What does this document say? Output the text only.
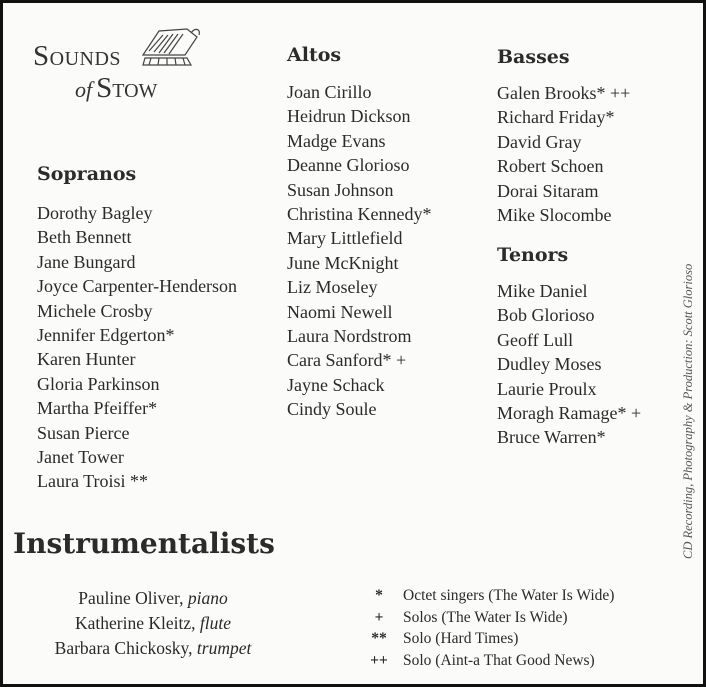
Sounds
of Stow
Sopranos
Dorothy Bagley
Beth Bennett
Jane Bungard
Joyce Carpenter-Henderson
Michele Crosby
Jennifer Edgerton*
Karen Hunter
Gloria Parkinson
Martha Pfeiffer*
Susan Pierce
Janet Tower
Laura Troisi **
Altos
Joan Cirillo
Heidrun Dickson
Madge Evans
Deanne Glorioso
Susan Johnson
Christina Kennedy*
Mary Littlefield
June McKnight
Liz Moseley
Naomi Newell
Laura Nordstrom
Cara Sanford* +
Jayne Schack
Cindy Soule
Basses
Galen Brooks* ++
Richard Friday*
David Gray
Robert Schoen
Dorai Sitaram
Mike Slocombe
Tenors
Mike Daniel
Bob Glorioso
Geoff Lull
Dudley Moses
Laurie Proulx
Moragh Ramage* +
Bruce Warren*
Instrumentalists
Pauline Oliver, piano
Katherine Kleitz, flute
Barbara Chickosky, trumpet
*	Octet singers (The Water Is Wide)
+	Solos (The Water Is Wide)
**	Solo (Hard Times)
++ Solo (Aint-a That Good News)
CD Recording, Photography & Production: Scott Glorioso
